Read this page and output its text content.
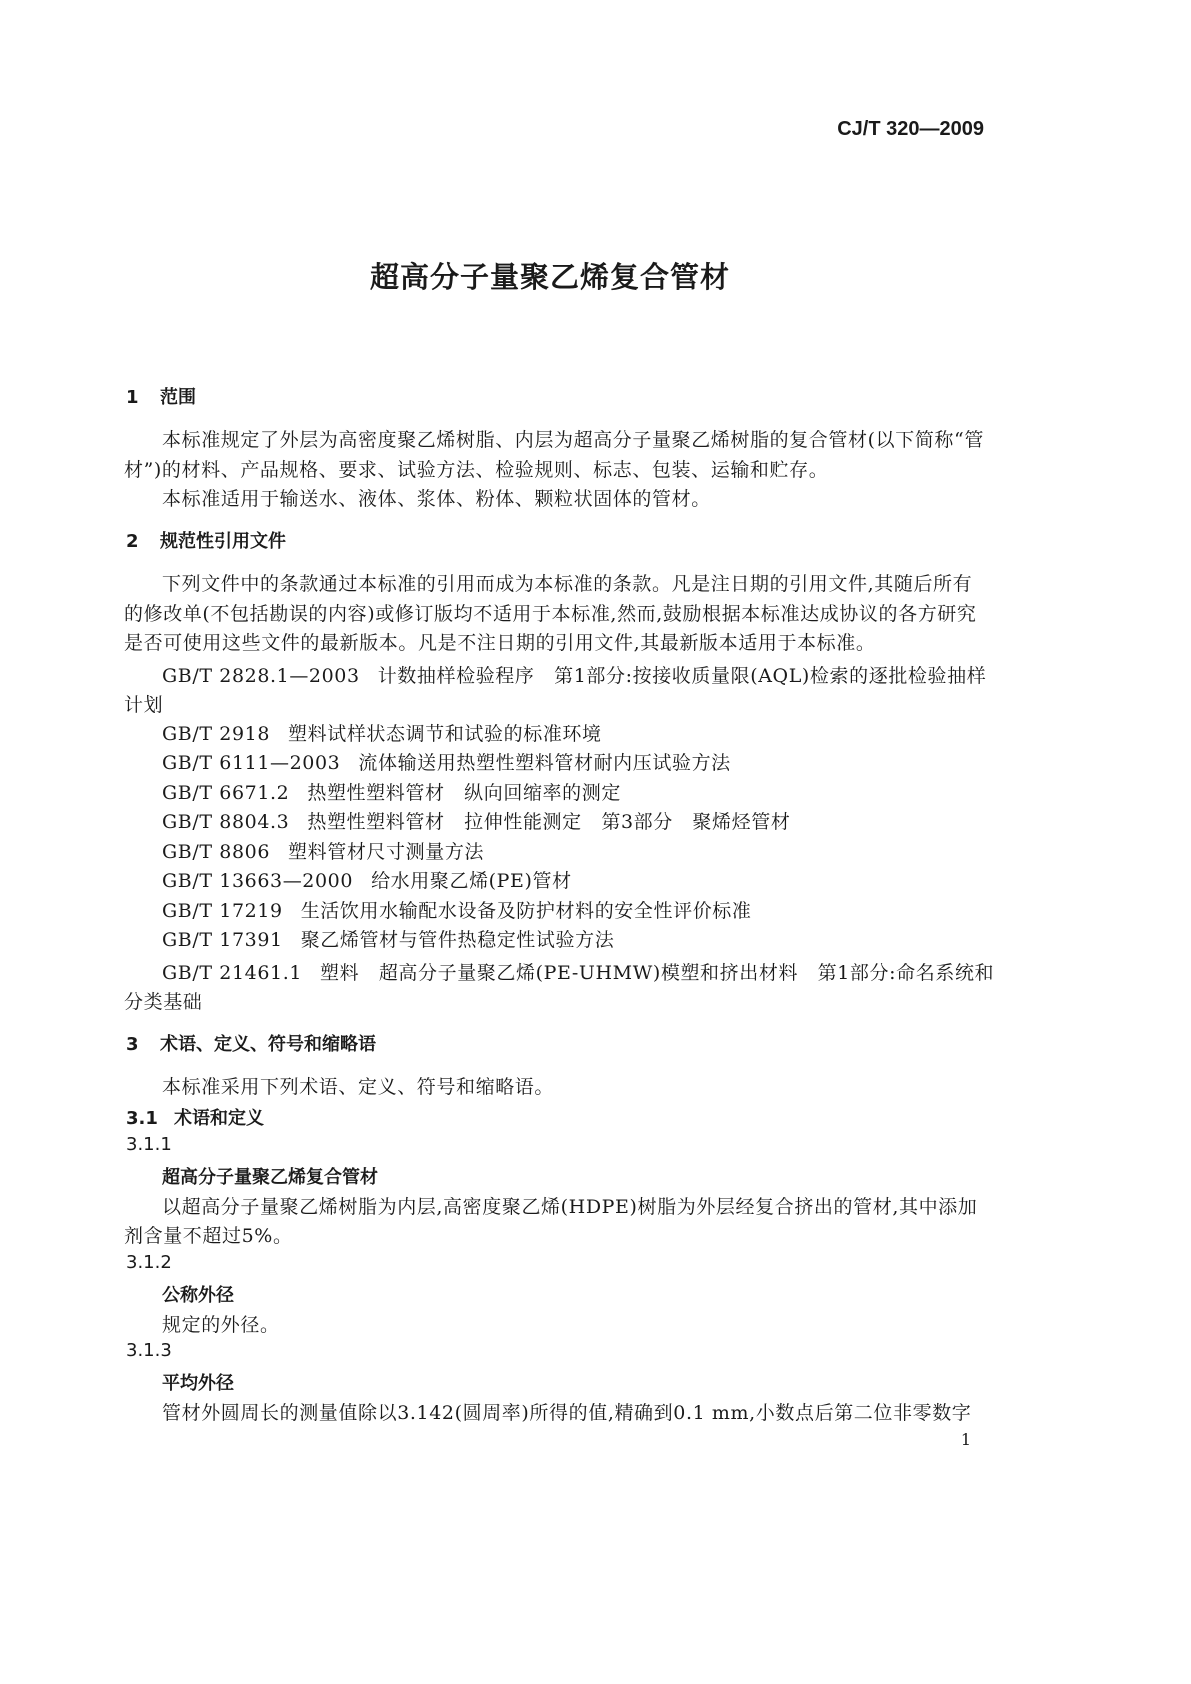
CJ/T 320—2009
超高分子量聚乙烯复合管材
1 范围
本标准规定了外层为高密度聚乙烯树脂、内层为超高分子量聚乙烯树脂的复合管材(以下简称“管
材”)的材料、产品规格、要求、试验方法、检验规则、标志、包装、运输和贮存。
本标准适用于输送水、液体、浆体、粉体、颗粒状固体的管材。
2 规范性引用文件
下列文件中的条款通过本标准的引用而成为本标准的条款。凡是注日期的引用文件,其随后所有
的修改单(不包括勘误的内容)或修订版均不适用于本标准,然而,鼓励根据本标准达成协议的各方研究
是否可使用这些文件的最新版本。凡是不注日期的引用文件,其最新版本适用于本标准。
GB/T 2828.1—2003 计数抽样检验程序　第1部分:按接收质量限(AQL)检索的逐批检验抽样
计划
GB/T 2918 塑料试样状态调节和试验的标准环境
GB/T 6111—2003 流体输送用热塑性塑料管材耐内压试验方法
GB/T 6671.2 热塑性塑料管材　纵向回缩率的测定
GB/T 8804.3 热塑性塑料管材　拉伸性能测定　第3部分　聚烯烃管材
GB/T 8806 塑料管材尺寸测量方法
GB/T 13663—2000 给水用聚乙烯(PE)管材
GB/T 17219 生活饮用水输配水设备及防护材料的安全性评价标准
GB/T 17391 聚乙烯管材与管件热稳定性试验方法
GB/T 21461.1 塑料　超高分子量聚乙烯(PE-UHMW)模塑和挤出材料　第1部分:命名系统和
分类基础
3 术语、定义、符号和缩略语
本标准采用下列术语、定义、符号和缩略语。
3.1 术语和定义
3.1.1
超高分子量聚乙烯复合管材
以超高分子量聚乙烯树脂为内层,高密度聚乙烯(HDPE)树脂为外层经复合挤出的管材,其中添加
剂含量不超过5%。
3.1.2
公称外径
规定的外径。
3.1.3
平均外径
管材外圆周长的测量值除以3.142(圆周率)所得的值,精确到0.1 mm,小数点后第二位非零数字
1
